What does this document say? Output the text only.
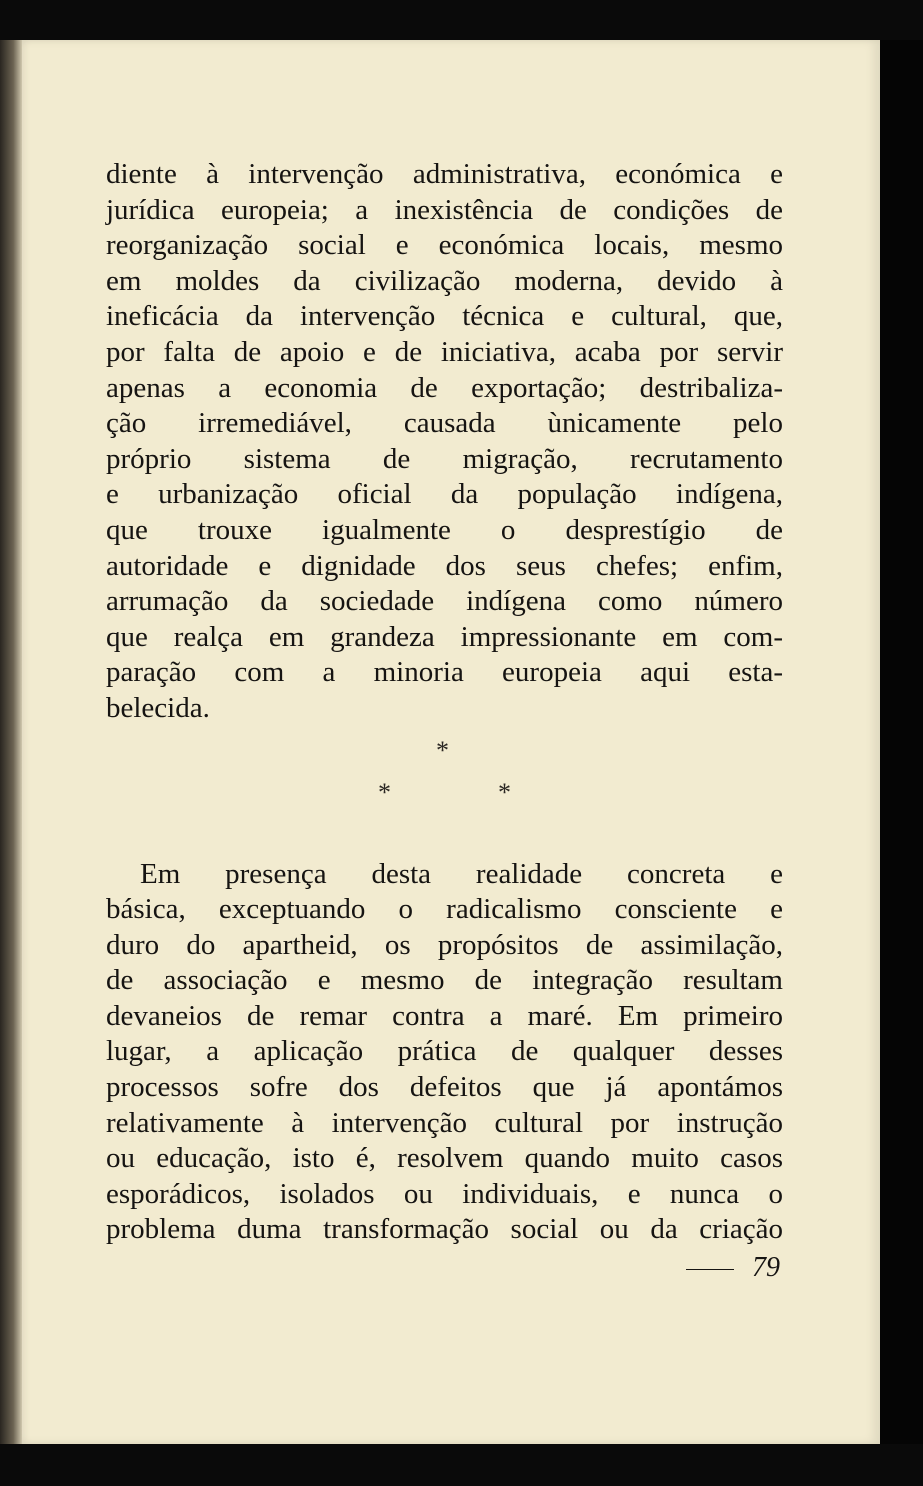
diente à intervenção administrativa, económica e
jurídica europeia; a inexistência de condições de
reorganização social e económica locais, mesmo
em moldes da civilização moderna, devido à
ineficácia da intervenção técnica e cultural, que,
por falta de apoio e de iniciativa, acaba por servir
apenas a economia de exportação; destribaliza-
ção irremediável, causada ùnicamente pelo
próprio sistema de migração, recrutamento
e urbanização oficial da população indígena,
que trouxe igualmente o desprestígio de
autoridade e dignidade dos seus chefes; enfim,
arrumação da sociedade indígena como número
que realça em grandeza impressionante em com-
paração com a minoria europeia aqui esta-
belecida.
*
*	*
Em presença desta realidade concreta e
básica, exceptuando o radicalismo consciente e
duro do apartheid, os propósitos de assimilação,
de associação e mesmo de integração resultam
devaneios de remar contra a maré. Em primeiro
lugar, a aplicação prática de qualquer desses
processos sofre dos defeitos que já apontámos
relativamente à intervenção cultural por instrução
ou educação, isto é, resolvem quando muito casos
esporádicos, isolados ou individuais, e nunca o
problema duma transformação social ou da criação
79
